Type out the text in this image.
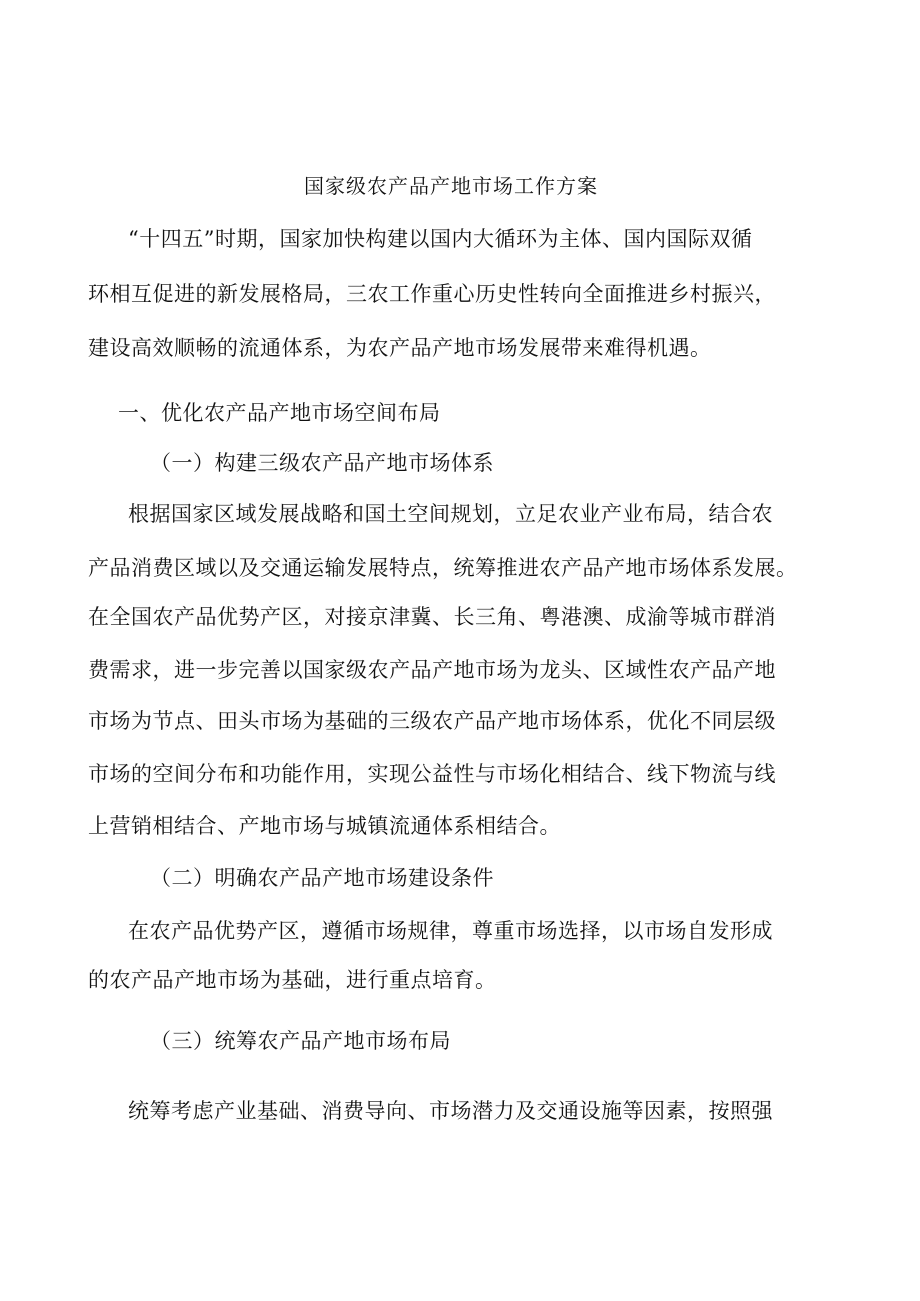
国家级农产品产地市场工作方案
“十四五”时期，国家加快构建以国内大循环为主体、国内国际双循
环相互促进的新发展格局，三农工作重心历史性转向全面推进乡村振兴，
建设高效顺畅的流通体系，为农产品产地市场发展带来难得机遇。
一、优化农产品产地市场空间布局
（一）构建三级农产品产地市场体系
根据国家区域发展战略和国土空间规划，立足农业产业布局，结合农
产品消费区域以及交通运输发展特点，统筹推进农产品产地市场体系发展。
在全国农产品优势产区，对接京津冀、长三角、粤港澳、成渝等城市群消
费需求，进一步完善以国家级农产品产地市场为龙头、区域性农产品产地
市场为节点、田头市场为基础的三级农产品产地市场体系，优化不同层级
市场的空间分布和功能作用，实现公益性与市场化相结合、线下物流与线
上营销相结合、产地市场与城镇流通体系相结合。
（二）明确农产品产地市场建设条件
在农产品优势产区，遵循市场规律，尊重市场选择，以市场自发形成
的农产品产地市场为基础，进行重点培育。
（三）统筹农产品产地市场布局
统筹考虑产业基础、消费导向、市场潜力及交通设施等因素，按照强
